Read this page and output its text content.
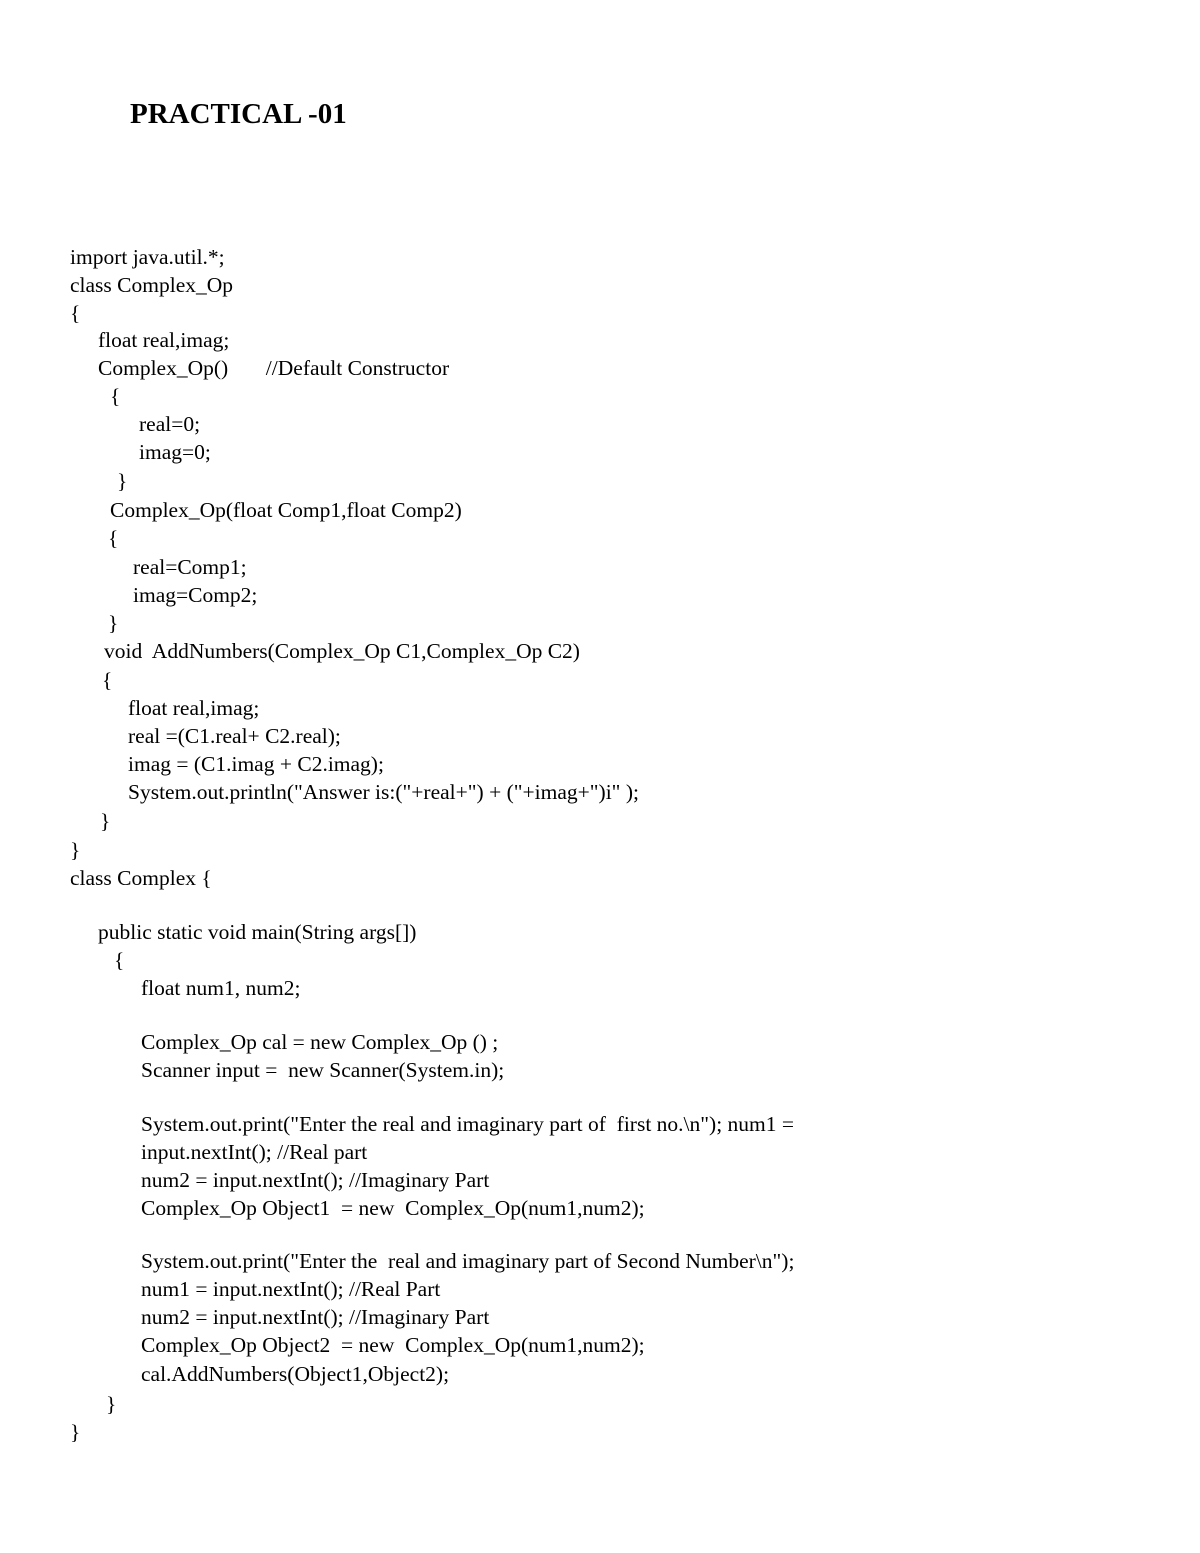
PRACTICAL -01
import java.util.*;
class Complex_Op
{
float real,imag;
Complex_Op()       //Default Constructor
{
real=0;
imag=0;
}
Complex_Op(float Comp1,float Comp2)
{
real=Comp1;
imag=Comp2;
}
void  AddNumbers(Complex_Op C1,Complex_Op C2)
{
float real,imag;
real =(C1.real+ C2.real);
imag = (C1.imag + C2.imag);
System.out.println("Answer is:("+real+") + ("+imag+")i" );
}
}
class Complex {
public static void main(String args[])
{
float num1, num2;
Complex_Op cal = new Complex_Op () ;
Scanner input =  new Scanner(System.in);
System.out.print("Enter the real and imaginary part of  first no.\n"); num1 =
input.nextInt(); //Real part
num2 = input.nextInt(); //Imaginary Part
Complex_Op Object1  = new  Complex_Op(num1,num2);
System.out.print("Enter the  real and imaginary part of Second Number\n");
num1 = input.nextInt(); //Real Part
num2 = input.nextInt(); //Imaginary Part
Complex_Op Object2  = new  Complex_Op(num1,num2);
cal.AddNumbers(Object1,Object2);
}
}
